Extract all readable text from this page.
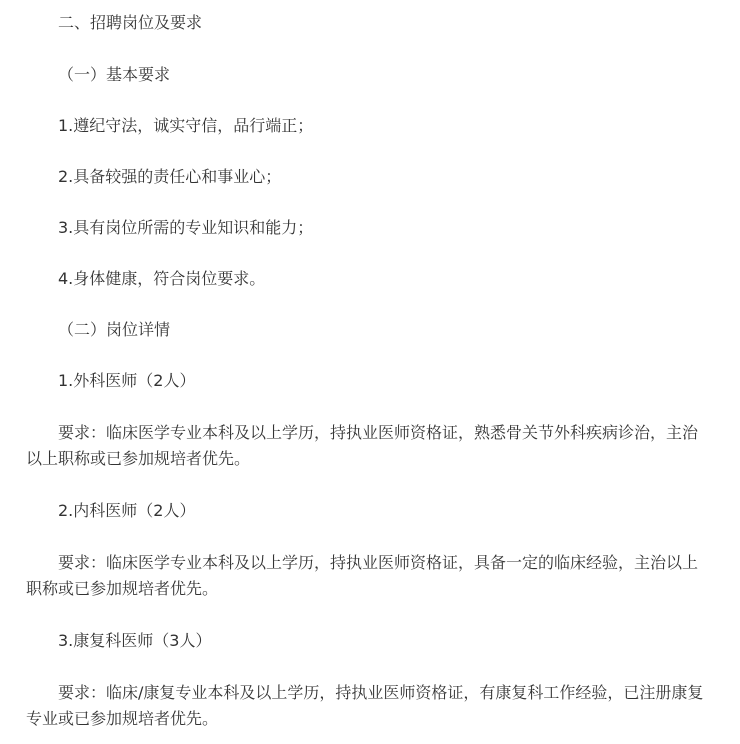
二、招聘岗位及要求
（一）基本要求
1.遵纪守法，诚实守信，品行端正；
2.具备较强的责任心和事业心；
3.具有岗位所需的专业知识和能力；
4.身体健康，符合岗位要求。
（二）岗位详情
1.外科医师（2人）
要求：临床医学专业本科及以上学历，持执业医师资格证，熟悉骨关节外科疾病诊治，主治以上职称或已参加规培者优先。
2.内科医师（2人）
要求：临床医学专业本科及以上学历，持执业医师资格证，具备一定的临床经验，主治以上职称或已参加规培者优先。
3.康复科医师（3人）
要求：临床/康复专业本科及以上学历，持执业医师资格证，有康复科工作经验，已注册康复专业或已参加规培者优先。
